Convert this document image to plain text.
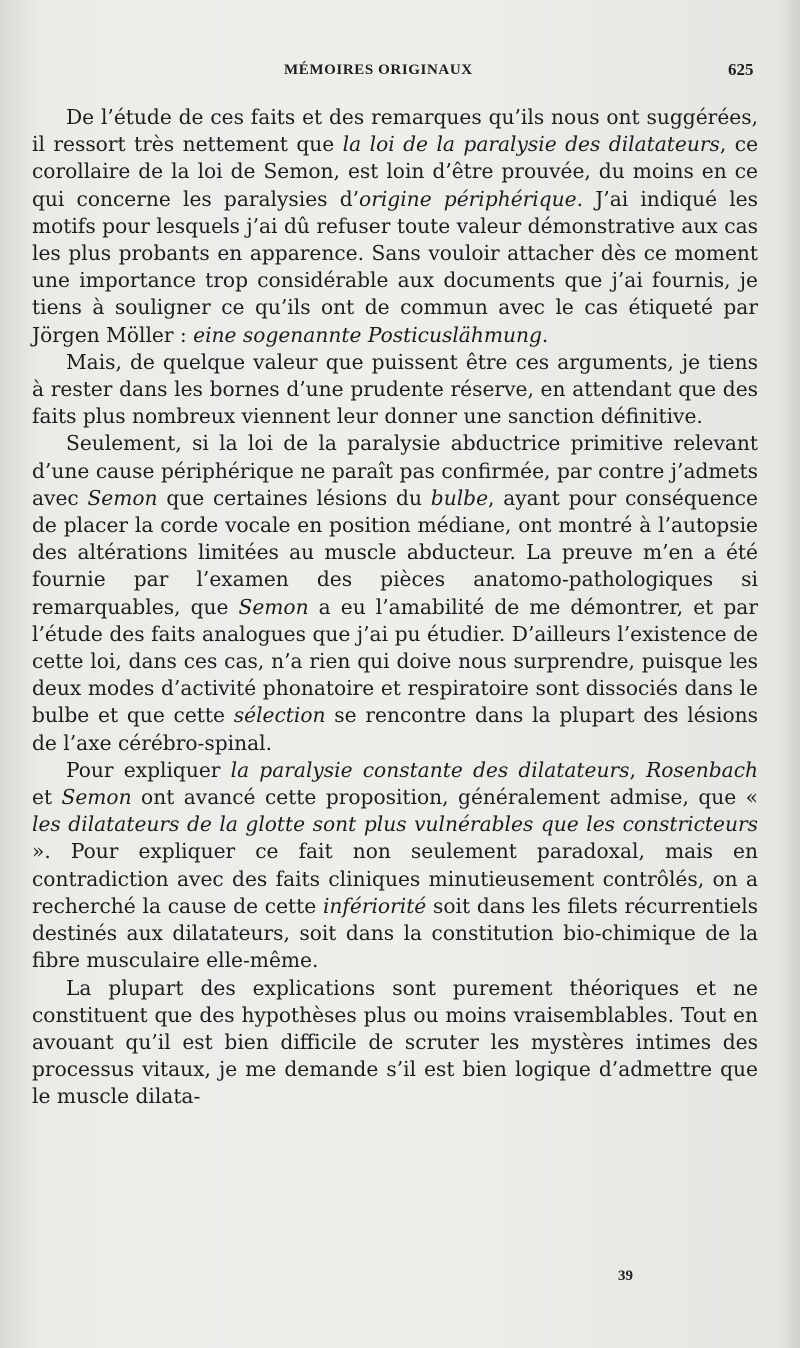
MÉMOIRES ORIGINAUX	625

De l’étude de ces faits et des remarques qu’ils nous ont suggérées, il ressort très nettement que la loi de la paralysie des dilatateurs, ce corollaire de la loi de Semon, est loin d’être prouvée, du moins en ce qui concerne les paralysies d’origine périphérique. J’ai indiqué les motifs pour lesquels j’ai dû refuser toute valeur démonstrative aux cas les plus probants en apparence. Sans vouloir attacher dès ce moment une importance trop considérable aux documents que j’ai fournis, je tiens à souligner ce qu’ils ont de commun avec le cas étiqueté par Jörgen Möller : eine sogenannte Posticuslähmung.

Mais, de quelque valeur que puissent être ces arguments, je tiens à rester dans les bornes d’une prudente réserve, en attendant que des faits plus nombreux viennent leur donner une sanction définitive.

Seulement, si la loi de la paralysie abductrice primitive relevant d’une cause périphérique ne paraît pas confirmée, par contre j’admets avec Semon que certaines lésions du bulbe, ayant pour conséquence de placer la corde vocale en position médiane, ont montré à l’autopsie des altérations limitées au muscle abducteur. La preuve m’en a été fournie par l’examen des pièces anatomo-pathologiques si remarquables, que Semon a eu l’amabilité de me démontrer, et par l’étude des faits analogues que j’ai pu étudier. D’ailleurs l’existence de cette loi, dans ces cas, n’a rien qui doive nous surprendre, puisque les deux modes d’activité phonatoire et respiratoire sont dissociés dans le bulbe et que cette sélection se rencontre dans la plupart des lésions de l’axe cérébro-spinal.

Pour expliquer la paralysie constante des dilatateurs, Rosenbach et Semon ont avancé cette proposition, généralement admise, que « les dilatateurs de la glotte sont plus vulnérables que les constricteurs ». Pour expliquer ce fait non seulement paradoxal, mais en contradiction avec des faits cliniques minutieusement contrôlés, on a recherché la cause de cette infériorité soit dans les filets récurrentiels destinés aux dilatateurs, soit dans la constitution bio-chimique de la fibre musculaire elle-même.

La plupart des explications sont purement théoriques et ne constituent que des hypothèses plus ou moins vraisemblables. Tout en avouant qu’il est bien difficile de scruter les mystères intimes des processus vitaux, je me demande s’il est bien logique d’admettre que le muscle dilata-

39
